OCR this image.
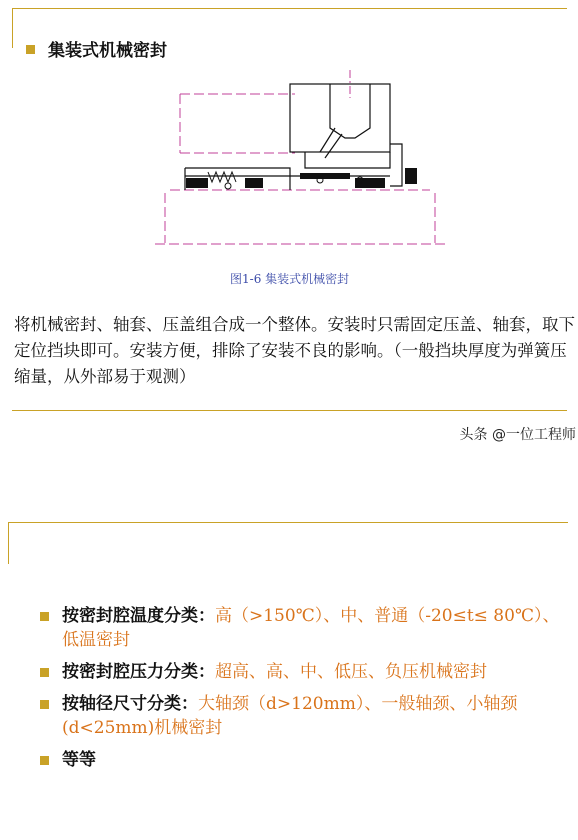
集装式机械密封
图1-6 集装式机械密封
将机械密封、轴套、压盖组合成一个整体。安装时只需固定压盖、轴套，取下定位挡块即可。安装方便，排除了安装不良的影响。（一般挡块厚度为弹簧压缩量，从外部易于观测）
头条 @一位工程师
按密封腔温度分类：高（>150℃）、中、普通（-20≤t≤ 80℃）、低温密封
按密封腔压力分类：超高、高、中、低压、负压机械密封
按轴径尺寸分类：大轴颈（d>120mm）、一般轴颈、小轴颈(d<25mm)机械密封
等等
